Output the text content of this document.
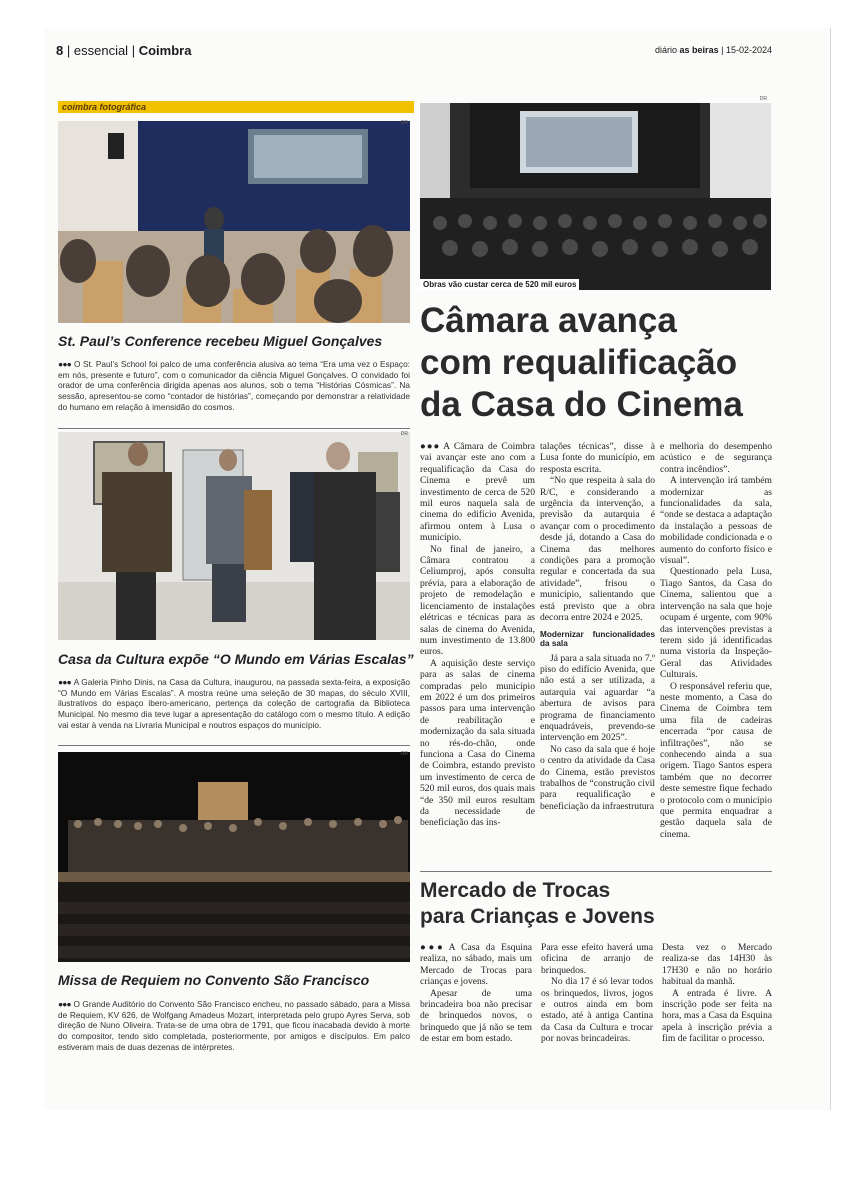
8 | essencial | Coimbra	diário as beiras | 15-02-2024
coimbra fotográfica
DR
St. Paul’s Conference recebeu Miguel Gonçalves
●●● O St. Paul’s School foi palco de uma conferência alusiva ao tema “Era uma vez o Espaço: em nós, presente e futuro”, com o comunicador da ciência Miguel Gonçalves. O convidado foi orador de uma conferência dirigida apenas aos alunos, sob o tema “Histórias Cósmicas”. Na sessão, apresentou-se como “contador de histórias”, começando por demonstrar a relatividade do humano em relação à imensidão do cosmos.
DR
Casa da Cultura expõe “O Mundo em Várias Escalas”
●●● A Galeria Pinho Dinis, na Casa da Cultura, inaugurou, na passada sexta-feira, a exposição “O Mundo em Várias Escalas”. A mostra reúne uma seleção de 30 mapas, do século XVIII, ilustrativos do espaço ibero-americano, pertença da coleção de cartografia da Biblioteca Municipal. No mesmo dia teve lugar a apresentação do catálogo com o mesmo título. A edição vai estar à venda na Livraria Municipal e noutros espaços do município.
DR
Missa de Requiem no Convento São Francisco
●●● O Grande Auditório do Convento São Francisco encheu, no passado sábado, para a Missa de Requiem, KV 626, de Wolfgang Amadeus Mozart, interpretada pelo grupo Ayres Serva, sob direção de Nuno Oliveira. Trata-se de uma obra de 1791, que ficou inacabada devido à morte do compositor, tendo sido completada, posteriormente, por amigos e discípulos. Em palco estiveram mais de duas dezenas de intérpretes.
DR
Obras vão custar cerca de 520 mil euros
Câmara avança
com requalificação
da Casa do Cinema

●●● A Câmara de Coimbra vai avançar este ano com a requalificação da Casa do Cinema e prevê um investimento de cerca de 520 mil euros naquela sala de cinema do edifício Avenida, afirmou ontem à Lusa o município.

No final de janeiro, a Câmara contratou a Celiumproj, após consulta prévia, para a elaboração de projeto de remodelação e licenciamento de instalações elétricas e técnicas para as salas de cinema do Avenida, num investimento de 13.800 euros.

A aquisição deste serviço para as salas de cinema compradas pelo município em 2022 é um dos primeiros passos para uma intervenção de reabilitação e modernização da sala situada no rés-do-chão, onde funciona a Casa do Cinema de Coimbra, estando previsto um investimento de cerca de 520 mil euros, dos quais mais “de 350 mil euros resultam da necessidade de beneficiação das ins-

talações técnicas”, disse à Lusa fonte do município, em resposta escrita.

“No que respeita à sala do R/C, e considerando a urgência da intervenção, a previsão da autarquia é avançar com o procedimento desde já, dotando a Casa do Cinema das melhores condições para a promoção regular e concertada da sua atividade”, frisou o município, salientando que está previsto que a obra decorra entre 2024 e 2025.

Modernizar funcionalidades da sala

Já para a sala situada no 7.º piso do edifício Avenida, que não está a ser utilizada, a autarquia vai aguardar “a abertura de avisos para programa de financiamento enquadráveis, prevendo-se intervenção em 2025”.

No caso da sala que é hoje o centro da atividade da Casa do Cinema, estão previstos trabalhos de “construção civil para requalificação e beneficiação da infraestrutura

e melhoria do desempenho acústico e de segurança contra incêndios”.

A intervenção irá também modernizar as funcionalidades da sala, “onde se destaca a adaptação da instalação a pessoas de mobilidade condicionada e o aumento do conforto físico e visual”.

Questionado pela Lusa, Tiago Santos, da Casa do Cinema, salientou que a intervenção na sala que hoje ocupam é urgente, com 90% das intervenções previstas a terem sido já identificadas numa vistoria da Inspeção-Geral das Atividades Culturais.

O responsável referiu que, neste momento, a Casa do Cinema de Coimbra tem uma fila de cadeiras encerrada “por causa de infiltrações”, não se conhecendo ainda a sua origem. Tiago Santos espera também que no decorrer deste semestre fique fechado o protocolo com o município que permita enquadrar a gestão daquela sala de cinema.

Mercado de Trocas
para Crianças e Jovens

●●● A Casa da Esquina realiza, no sábado, mais um Mercado de Trocas para crianças e jovens.

Apesar de uma brincadeira boa não precisar de brinquedos novos, o brinquedo que já não se tem de estar em bom estado.

Para esse efeito haverá uma oficina de arranjo de brinquedos.

No dia 17 é só levar todos os brinquedos, livros, jogos e outros ainda em bom estado, até à antiga Cantina da Casa da Cultura e trocar por novas brincadeiras.

Desta vez o Mercado realiza-se das 14H30 às 17H30 e não no horário habitual da manhã.

A entrada é livre. A inscrição pode ser feita na hora, mas a Casa da Esquina apela à inscrição prévia a fim de facilitar o processo.
